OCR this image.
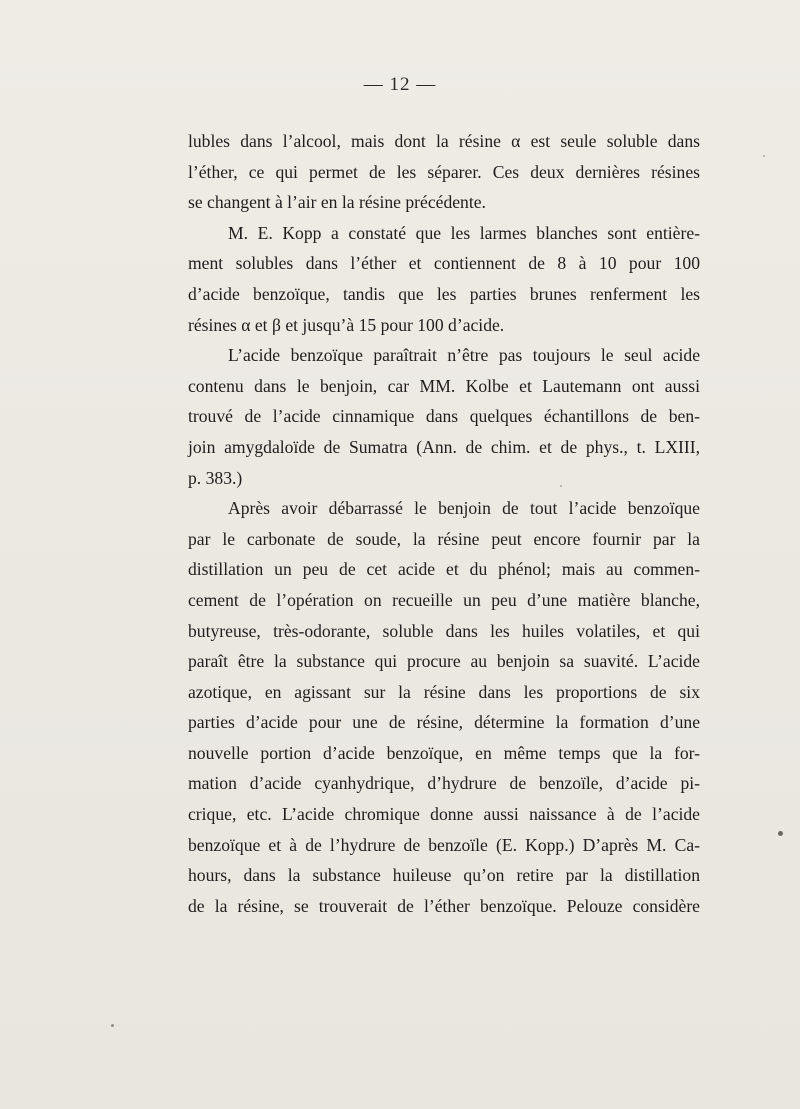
— 12 —
lubles dans l’alcool, mais dont la résine α est seule soluble dans
l’éther, ce qui permet de les séparer. Ces deux dernières résines
se changent à l’air en la résine précédente.
M. E. Kopp a constaté que les larmes blanches sont entière-
ment solubles dans l’éther et contiennent de 8 à 10 pour 100
d’acide benzoïque, tandis que les parties brunes renferment les
résines α et β et jusqu’à 15 pour 100 d’acide.
L’acide benzoïque paraîtrait n’être pas toujours le seul acide
contenu dans le benjoin, car MM. Kolbe et Lautemann ont aussi
trouvé de l’acide cinnamique dans quelques échantillons de ben-
join amygdaloïde de Sumatra (Ann. de chim. et de phys., t. LXIII,
p. 383.)
Après avoir débarrassé le benjoin de tout l’acide benzoïque
par le carbonate de soude, la résine peut encore fournir par la
distillation un peu de cet acide et du phénol; mais au commen-
cement de l’opération on recueille un peu d’une matière blanche,
butyreuse, très-odorante, soluble dans les huiles volatiles, et qui
paraît être la substance qui procure au benjoin sa suavité. L’acide
azotique, en agissant sur la résine dans les proportions de six
parties d’acide pour une de résine, détermine la formation d’une
nouvelle portion d’acide benzoïque, en même temps que la for-
mation d’acide cyanhydrique, d’hydrure de benzoïle, d’acide pi-
crique, etc. L’acide chromique donne aussi naissance à de l’acide
benzoïque et à de l’hydrure de benzoïle (E. Kopp.) D’après M. Ca-
hours, dans la substance huileuse qu’on retire par la distillation
de la résine, se trouverait de l’éther benzoïque. Pelouze considère
